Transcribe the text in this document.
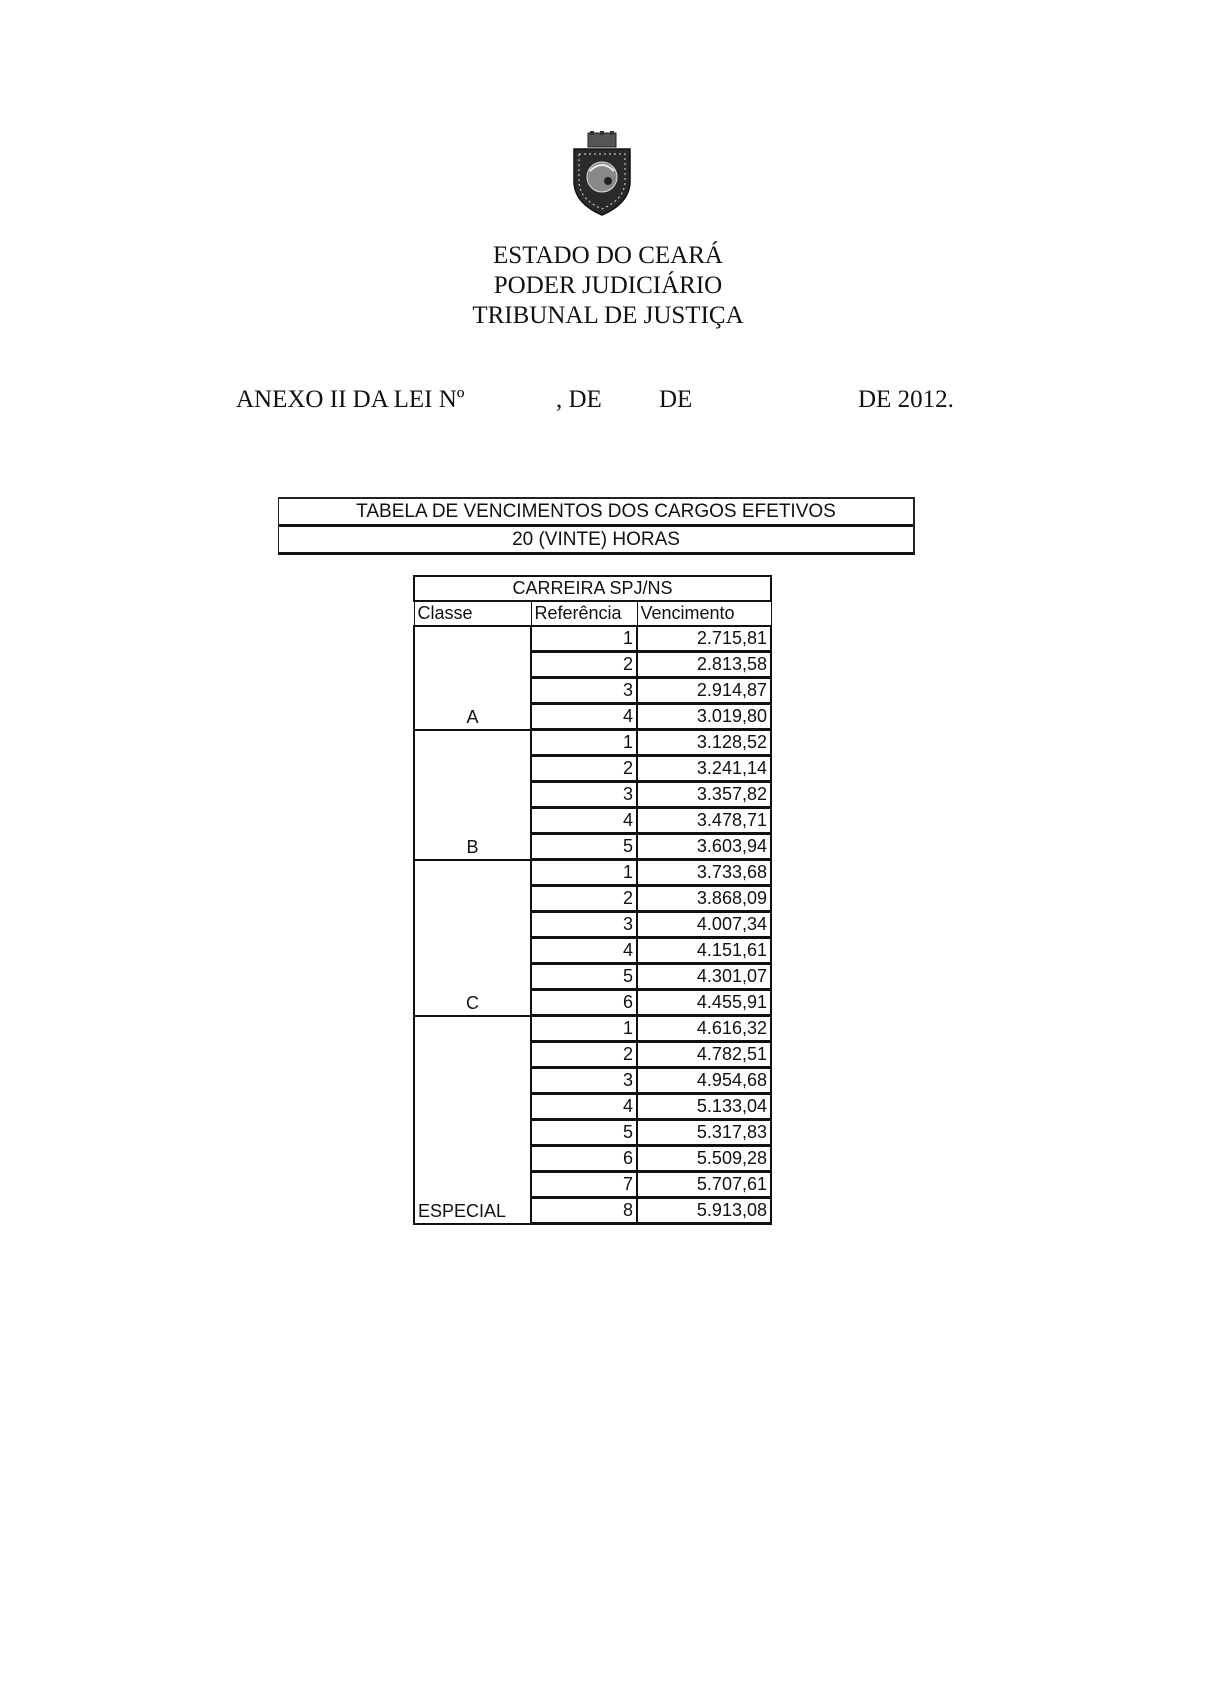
ESTADO DO CEARÁ
PODER JUDICIÁRIO
TRIBUNAL DE JUSTIÇA
ANEXO II DA LEI Nº	, DE DE	DE 2012.
TABELA DE VENCIMENTOS DOS CARGOS EFETIVOS
20 (VINTE) HORAS
CARREIRA SPJ/NS		
Classe	Referência	Vencimento
A	1	2.715,81
	2	2.813,58
	3	2.914,87
	4	3.019,80
B	1	3.128,52
	2	3.241,14
	3	3.357,82
	4	3.478,71
	5	3.603,94
C	1	3.733,68
	2	3.868,09
	3	4.007,34
	4	4.151,61
	5	4.301,07
	6	4.455,91
ESPECIAL	1	4.616,32
	2	4.782,51
	3	4.954,68
	4	5.133,04
	5	5.317,83
	6	5.509,28
	7	5.707,61
	8	5.913,08
